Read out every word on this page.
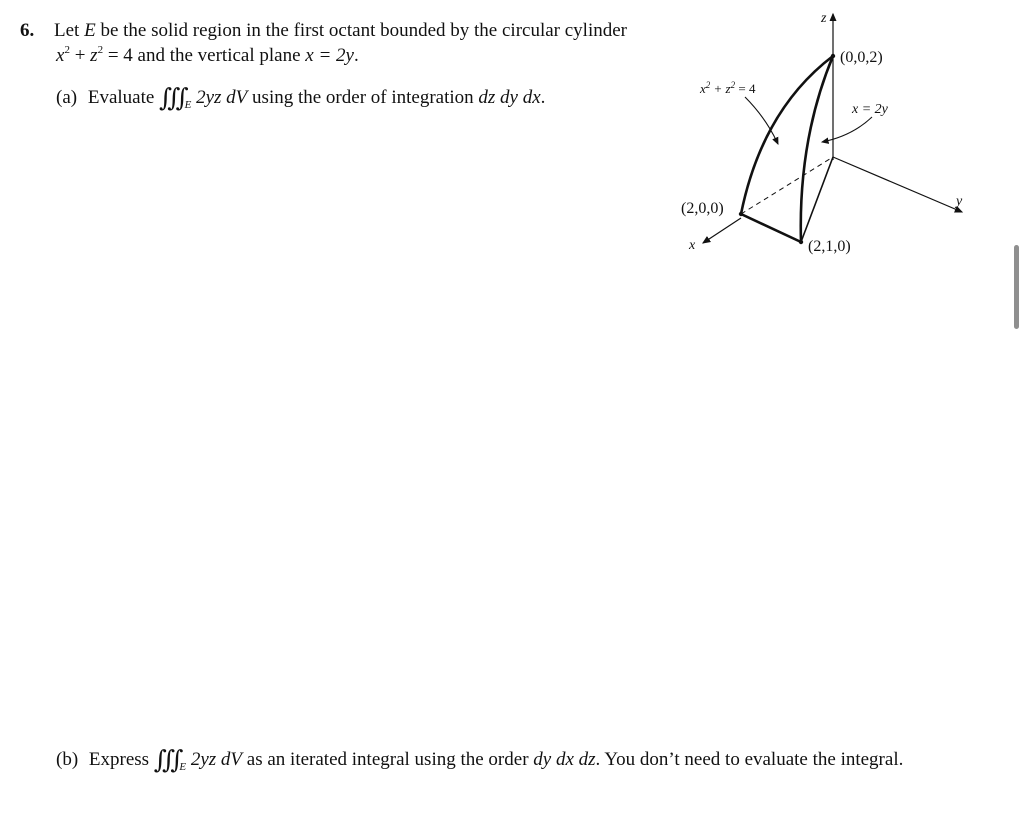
6. Let E be the solid region in the first octant bounded by the circular cylinder
$x^2 + z^2 = 4$ and the vertical plane x = 2y.
(a) Evaluate $∭_E$ 2yz dV using the order of integration dz dy dx.
(b) Express $∭_E$ 2yz dV as an iterated integral using the order dy dx dz. You don’t need to evaluate the integral.
z
y
x
(0,0,2)
(2,0,0)
(2,1,0)
$x^2 + z^2 = 4$
x = 2y
